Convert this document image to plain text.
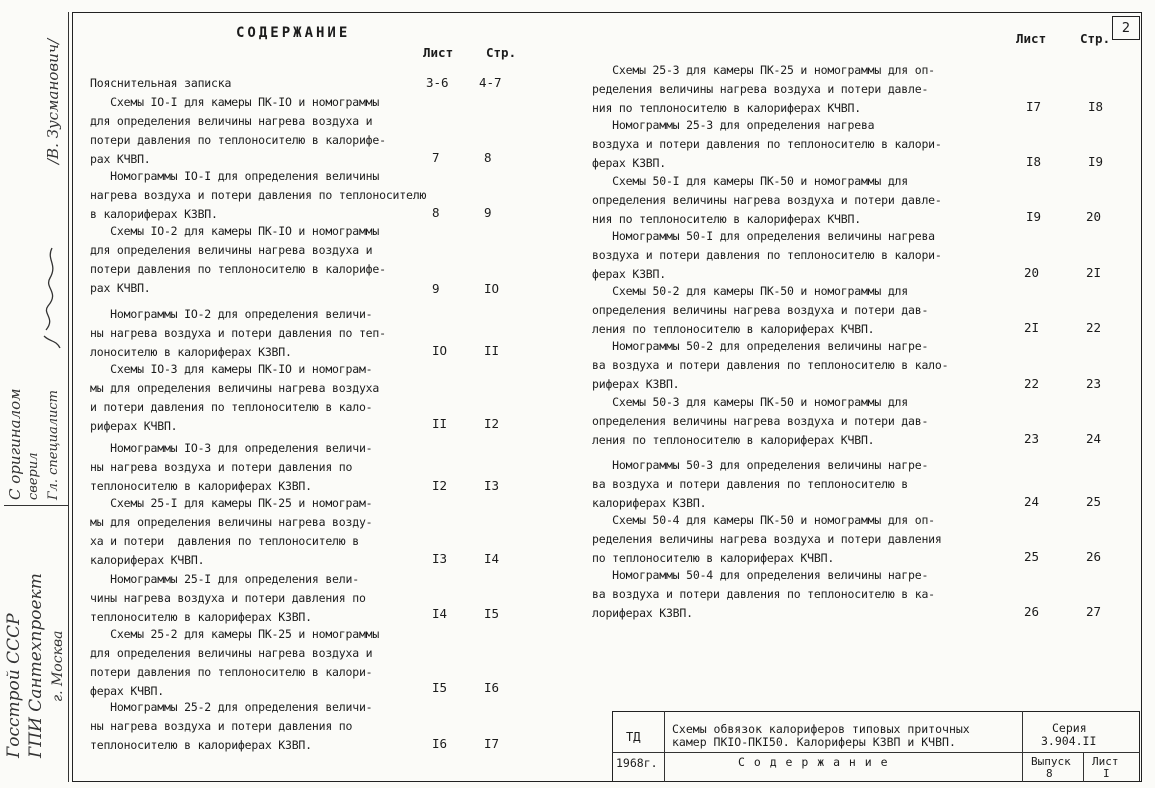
/В. Зусманович/
С оригиналом сверил Гл. специалист
Госстрой СССР ГПИ Сантехпроект г. Москва
2
СОДЕРЖАНИЕ
Лист	Стр.
Лист	Стр.
Пояснительная записка	3-6 4-7
Схемы IO-I для камеры ПК-IO и номограммы
для определения величины нагрева воздуха и
потери давления по теплоносителю в калорифе-
рах КЧВП.	7	8
Номограммы IO-I для определения величины
нагрева воздуха и потери давления по теплоносителю
в калориферах КЗВП.	8	9
Схемы IO-2 для камеры ПК-IO и номограммы
для определения величины нагрева воздуха и
потери давления по теплоносителю в калорифе-
рах КЧВП.	9	IO
Номограммы IO-2 для определения величи-
ны нагрева воздуха и потери давления по теп-
лоносителю в калориферах КЗВП.	IO	II
Схемы IO-3 для камеры ПК-IO и номограм-
мы для определения величины нагрева воздуха
и потери давления по теплоносителю в кало-
риферах КЧВП.	II	I2
Номограммы IO-3 для определения величи-
ны нагрева воздуха и потери давления по
теплоносителю в калориферах КЗВП.	I2	I3
Схемы 25-I для камеры ПК-25 и номограм-
мы для определения величины нагрева возду-
ха и потери  давления по теплоносителю в
калориферах КЧВП.	I3	I4
Номограммы 25-I для определения вели-
чины нагрева воздуха и потери давления по
теплоносителю в калориферах КЗВП.	I4	I5
Схемы 25-2 для камеры ПК-25 и номограммы
для определения величины нагрева воздуха и
потери давления по теплоносителю в калори-
ферах КЧВП.	I5	I6
Номограммы 25-2 для определения величи-
ны нагрева воздуха и потери давления по
теплоносителю в калориферах КЗВП.	I6	I7
Схемы 25-3 для камеры ПК-25 и номограммы для оп-
ределения величины нагрева воздуха и потери давле-
ния по теплоносителю в калориферах КЧВП.	I7	I8
Номограммы 25-3 для определения нагрева
воздуха и потери давления по теплоносителю в калори-
ферах КЗВП.	I8	I9
Схемы 50-I для камеры ПК-50 и номограммы для
определения величины нагрева воздуха и потери давле-
ния по теплоносителю в калориферах КЧВП.	I9	20
Номограммы 50-I для определения величины нагрева
воздуха и потери давления по теплоносителю в калори-
ферах КЗВП.	20	2I
Схемы 50-2 для камеры ПК-50 и номограммы для
определения величины нагрева воздуха и потери дав-
ления по теплоносителю в калориферах КЧВП.	2I	22
Номограммы 50-2 для определения величины нагре-
ва воздуха и потери давления по теплоносителю в кало-
риферах КЗВП.	22	23
Схемы 50-3 для камеры ПК-50 и номограммы для
определения величины нагрева воздуха и потери дав-
ления по теплоносителю в калориферах КЧВП.	23	24
Номограммы 50-3 для определения величины нагре-
ва воздуха и потери давления по теплоносителю в
калориферах КЗВП.	24	25
Схемы 50-4 для камеры ПК-50 и номограммы для оп-
ределения величины нагрева воздуха и потери давления
по теплоносителю в калориферах КЧВП.	25	26
Номограммы 50-4 для определения величины нагре-
ва воздуха и потери давления по теплоносителю в ка-
лориферах КЗВП.	26	27
ТД
Схемы обвязок калориферов типовых приточных
камер ПКIO-ПКI50. Калориферы КЗВП и КЧВП.
Серия
3.904.II
1968г.	С о д е р ж а н и е	Выпуск
8
Лист
I
